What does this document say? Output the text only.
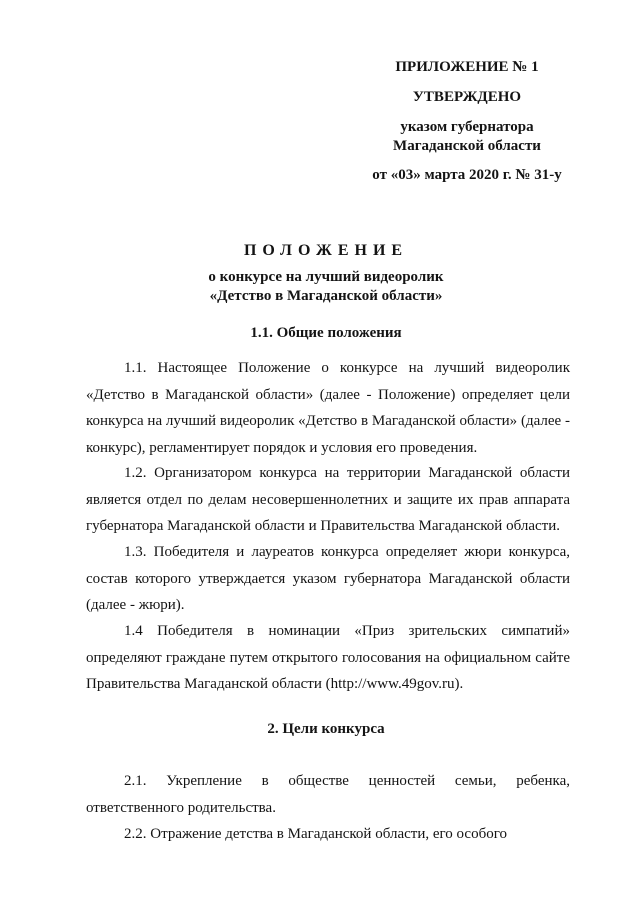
ПРИЛОЖЕНИЕ № 1
УТВЕРЖДЕНО
указом губернатора
Магаданской области
от «03» марта 2020 г. № 31-у
ПОЛОЖЕНИЕ
о конкурсе на лучший видеоролик
«Детство в Магаданской области»
1.1. Общие положения

1.1. Настоящее Положение о конкурсе на лучший видеоролик «Детство в Магаданской области» (далее - Положение) определяет цели конкурса на лучший видеоролик «Детство в Магаданской области» (далее - конкурс), регламентирует порядок и условия его проведения.

1.2. Организатором конкурса на территории Магаданской области является отдел по делам несовершеннолетних и защите их прав аппарата губернатора Магаданской области и Правительства Магаданской области.

1.3. Победителя и лауреатов конкурса определяет жюри конкурса, состав которого утверждается указом губернатора Магаданской области (далее - жюри).

1.4 Победителя в номинации «Приз зрительских симпатий» определяют граждане путем открытого голосования на официальном сайте Правительства Магаданской области (http://www.49gov.ru).

2. Цели конкурса

2.1. Укрепление в обществе ценностей семьи, ребенка, ответственного родительства.

2.2. Отражение детства в Магаданской области, его особого
